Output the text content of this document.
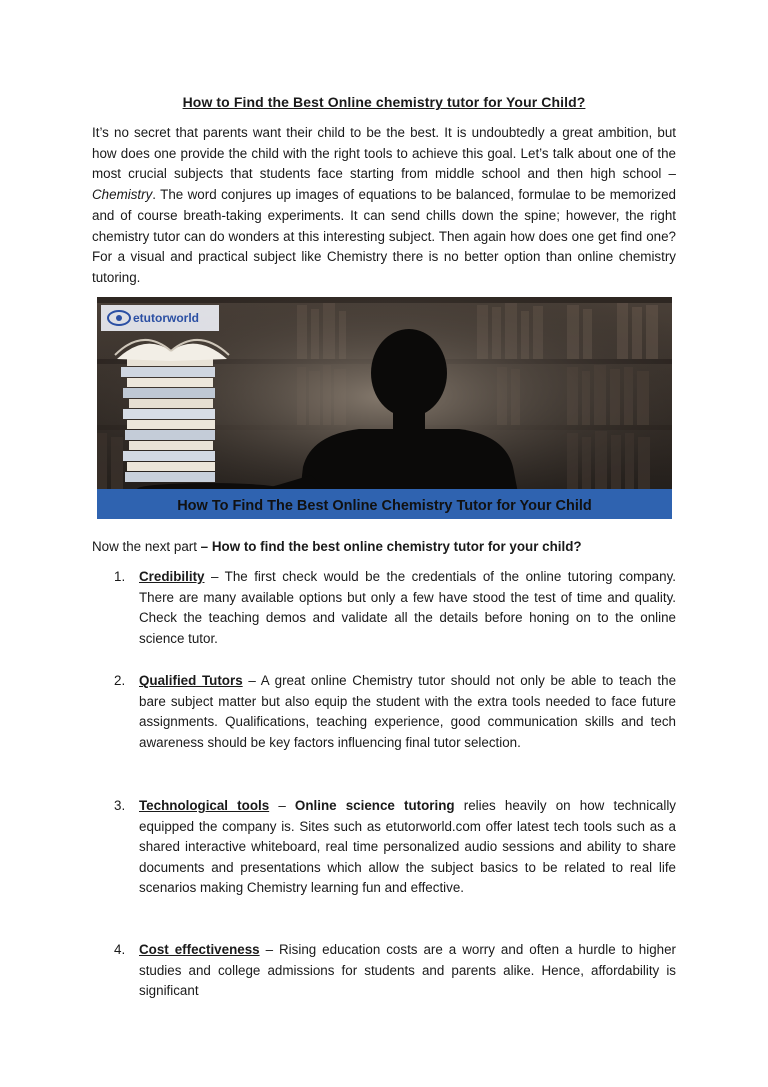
How to Find the Best Online chemistry tutor for Your Child?

It’s no secret that parents want their child to be the best. It is undoubtedly a great ambition, but how does one provide the child with the right tools to achieve this goal. Let’s talk about one of the most crucial subjects that students face starting from middle school and then high school – Chemistry. The word conjures up images of equations to be balanced, formulae to be memorized and of course breath-taking experiments. It can send chills down the spine; however, the right chemistry tutor can do wonders at this interesting subject. Then again how does one get find one? For a visual and practical subject like Chemistry there is no better option than online chemistry tutoring.

etutorworld
How To Find The Best Online Chemistry Tutor for Your Child
Now the next part – How to find the best online chemistry tutor for your child?
1. Credibility – The first check would be the credentials of the online tutoring company. There are many available options but only a few have stood the test of time and quality. Check the teaching demos and validate all the details before honing on to the online science tutor.
2. Qualified Tutors – A great online Chemistry tutor should not only be able to teach the bare subject matter but also equip the student with the extra tools needed to face future assignments. Qualifications, teaching experience, good communication skills and tech awareness should be key factors influencing final tutor selection.
3. Technological tools – Online science tutoring relies heavily on how technically equipped the company is. Sites such as etutorworld.com offer latest tech tools such as a shared interactive whiteboard, real time personalized audio sessions and ability to share documents and presentations which allow the subject basics to be related to real life scenarios making Chemistry learning fun and effective.
4. Cost effectiveness – Rising education costs are a worry and often a hurdle to higher studies and college admissions for students and parents alike. Hence, affordability is significant
